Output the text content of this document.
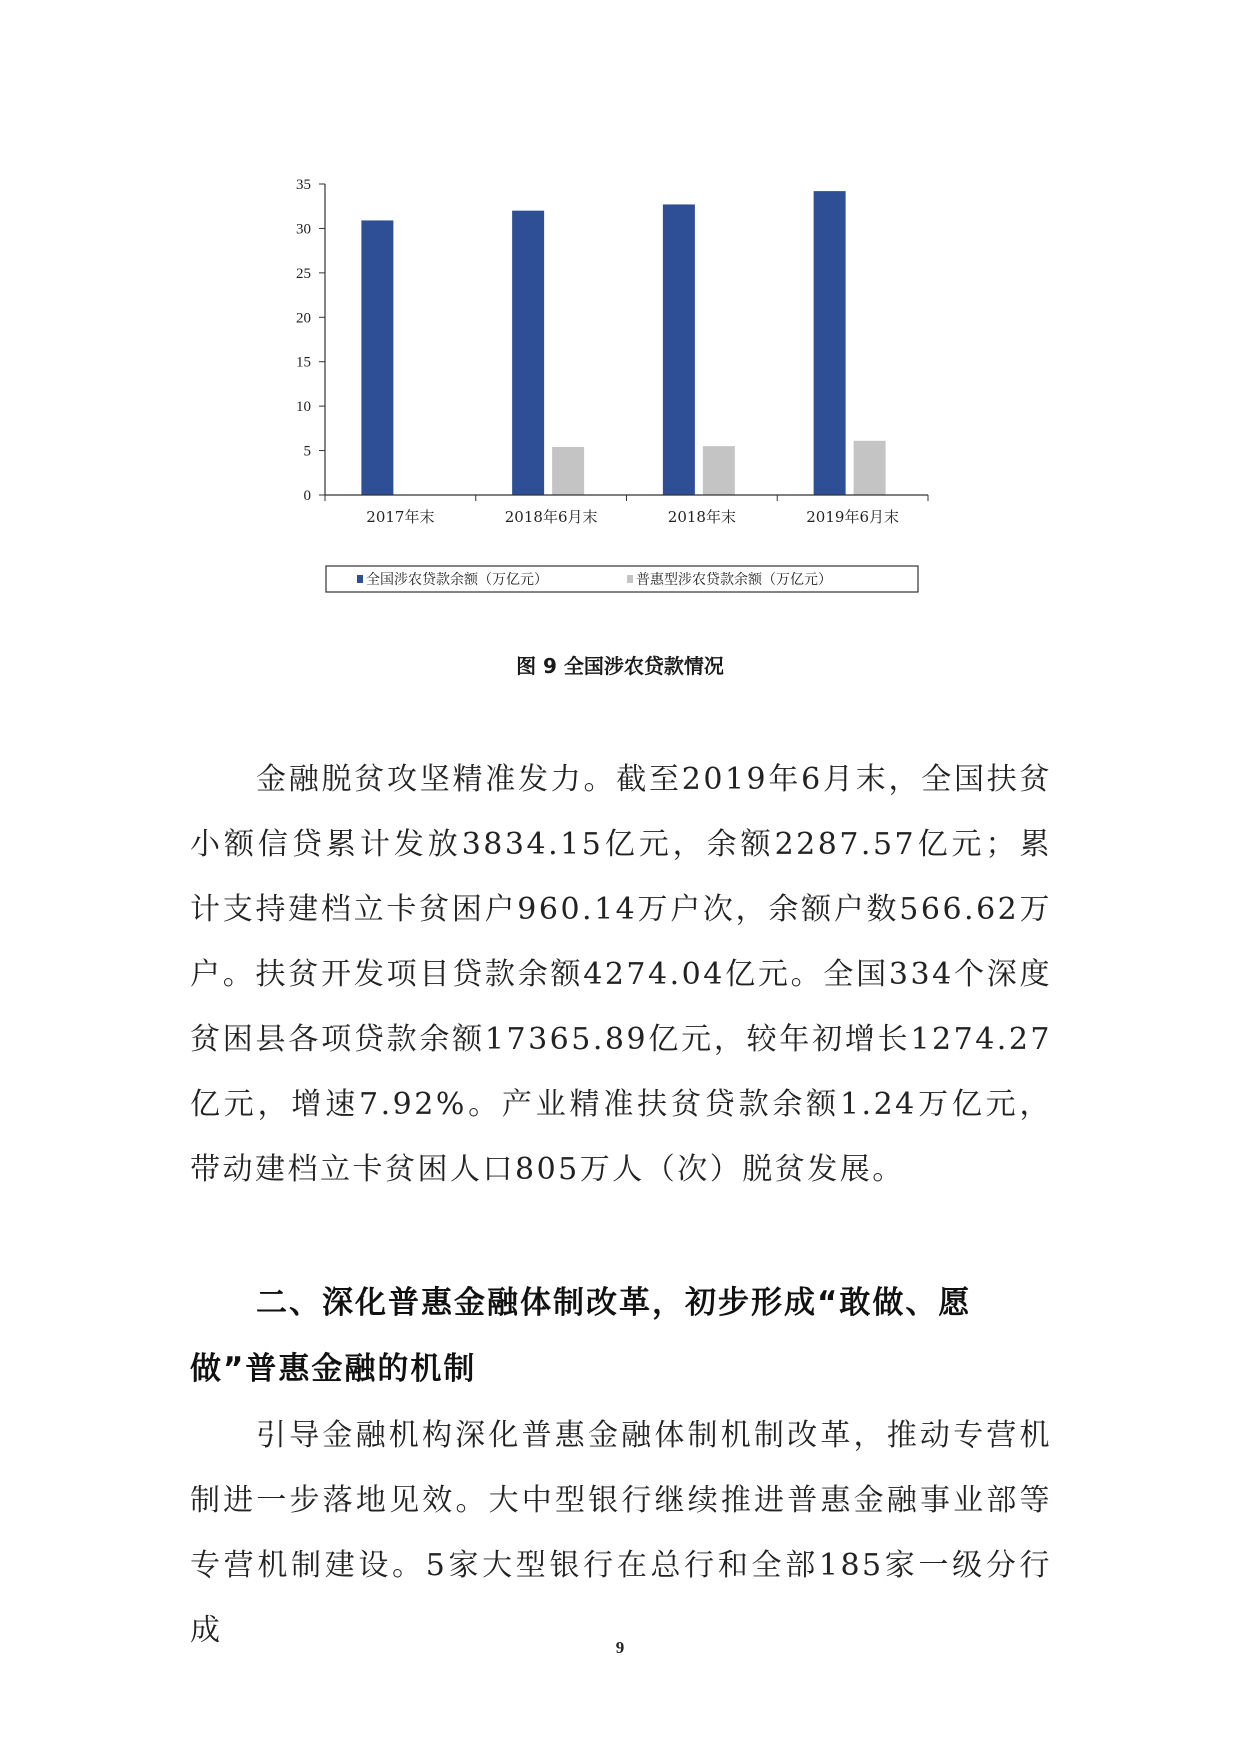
0
5
10
15
20
25
30
35
2017年末	2018年6月末	2018年末	2019年6月末
全国涉农贷款余额（万亿元）	普惠型涉农贷款余额（万亿元）
图 9 全国涉农贷款情况

金融脱贫攻坚精准发力。截至2019年6月末，全国扶贫小额信贷累计发放3834.15亿元，余额2287.57亿元；累计支持建档立卡贫困户960.14万户次，余额户数566.62万户。扶贫开发项目贷款余额4274.04亿元。全国334个深度贫困县各项贷款余额17365.89亿元，较年初增长1274.27亿元，增速7.92%。产业精准扶贫贷款余额1.24万亿元，带动建档立卡贫困人口805万人（次）脱贫发展。

二、深化普惠金融体制改革，初步形成“敢做、愿做”普惠金融的机制

引导金融机构深化普惠金融体制机制改革，推动专营机制进一步落地见效。大中型银行继续推进普惠金融事业部等专营机制建设。5家大型银行在总行和全部185家一级分行成	9
